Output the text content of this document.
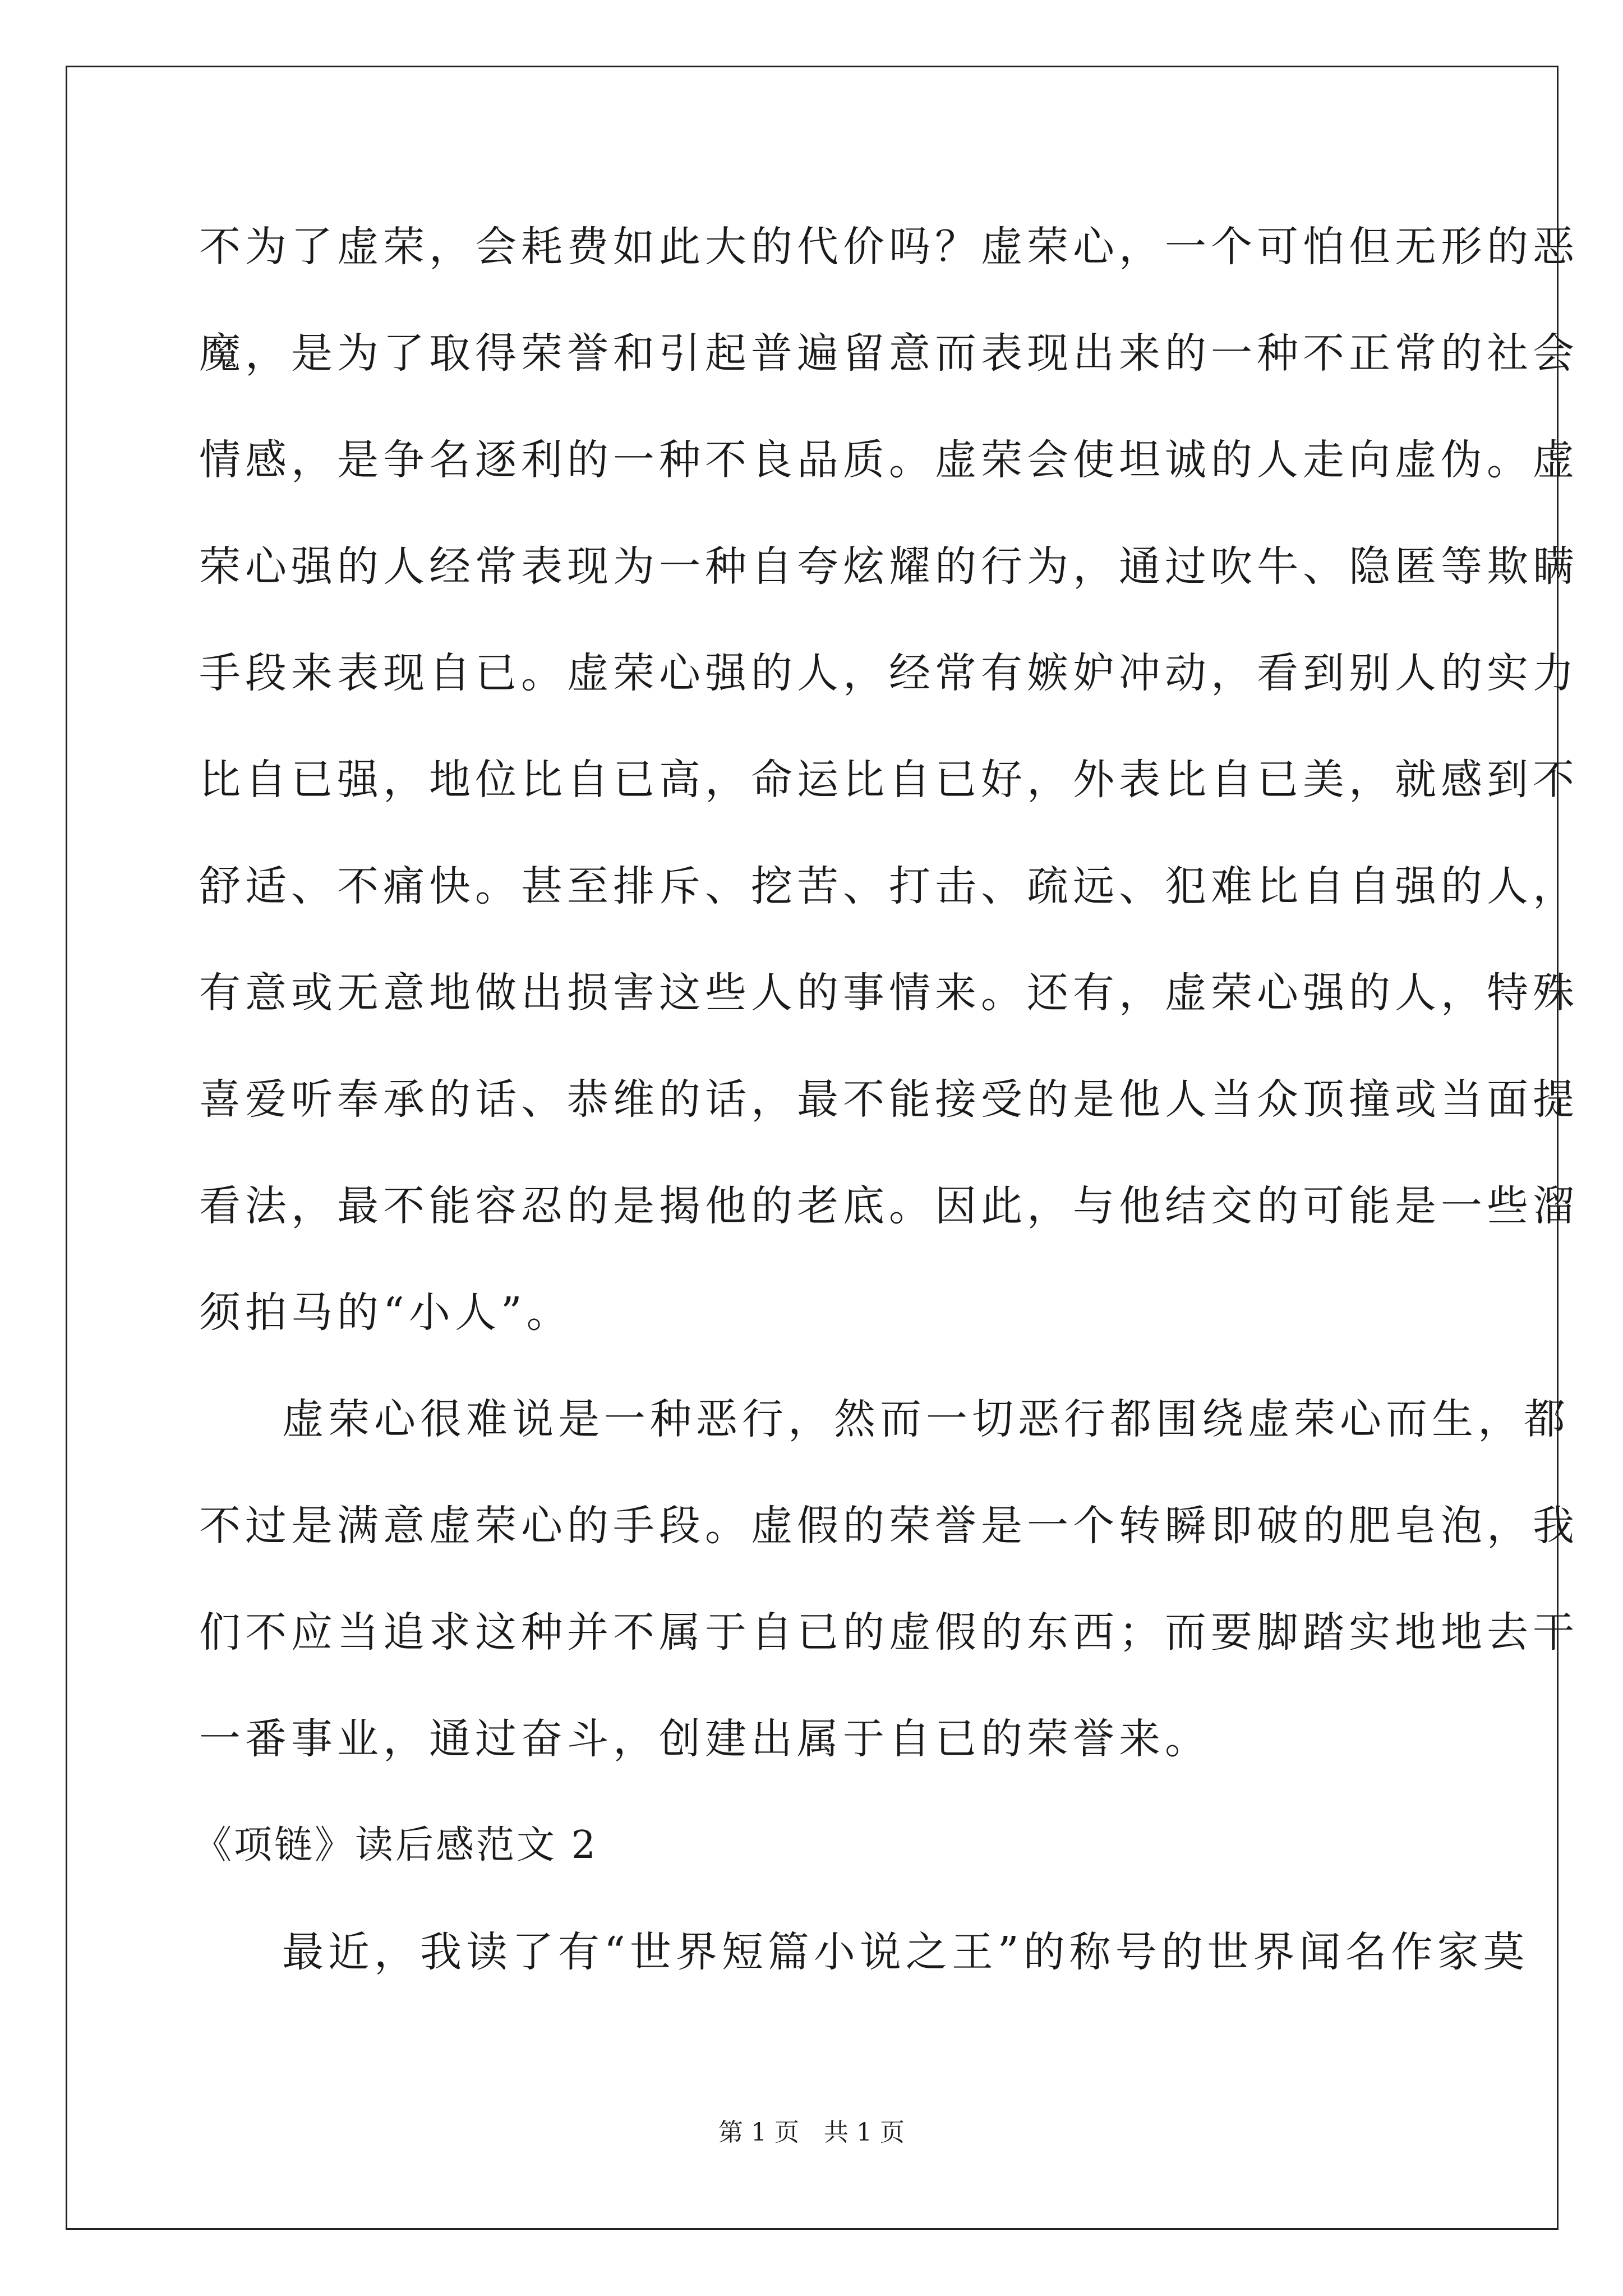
不为了虚荣，会耗费如此大的代价吗？虚荣心，一个可怕但无形的恶
魔，是为了取得荣誉和引起普遍留意而表现出来的一种不正常的社会
情感，是争名逐利的一种不良品质。虚荣会使坦诚的人走向虚伪。虚
荣心强的人经常表现为一种自夸炫耀的行为，通过吹牛、隐匿等欺瞒
手段来表现自已。虚荣心强的人，经常有嫉妒冲动，看到别人的实力
比自已强，地位比自已高，命运比自已好，外表比自已美，就感到不
舒适、不痛快。甚至排斥、挖苦、打击、疏远、犯难比自自强的人，
有意或无意地做出损害这些人的事情来。还有，虚荣心强的人，特殊
喜爱听奉承的话、恭维的话，最不能接受的是他人当众顶撞或当面提
看法，最不能容忍的是揭他的老底。因此，与他结交的可能是一些溜
须拍马的“小人”。
虚荣心很难说是一种恶行，然而一切恶行都围绕虚荣心而生，都
不过是满意虚荣心的手段。虚假的荣誉是一个转瞬即破的肥皂泡，我
们不应当追求这种并不属于自已的虚假的东西；而要脚踏实地地去干
一番事业，通过奋斗，创建出属于自已的荣誉来。
《项链》读后感范文 2
最近，我读了有“世界短篇小说之王”的称号的世界闻名作家莫
第 1 页　共 1 页
